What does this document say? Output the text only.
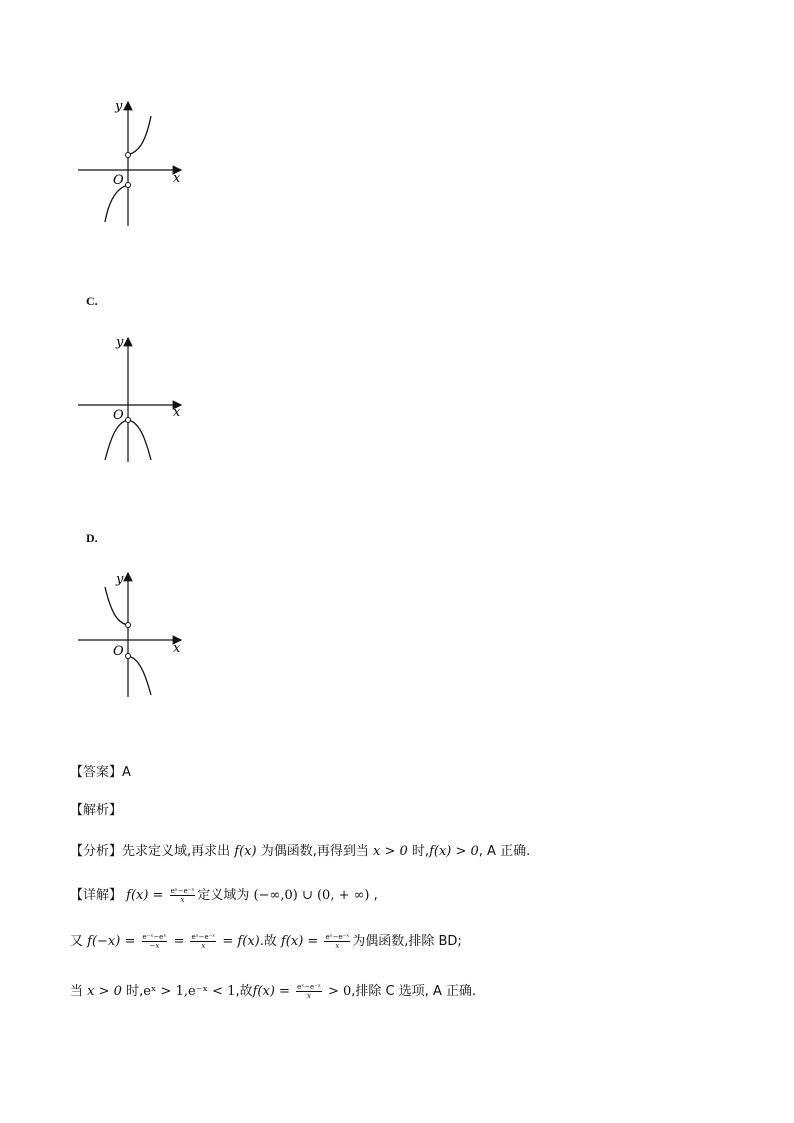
y
x
O
C.
y
x
O
D.
y
x
O
【答案】A
【解析】
【分析】先求定义域,再求出 f(x) 为偶函数,再得到当 x > 0 时,f(x) > 0, A 正确.
【详解】 $f(x) = \frac{\text{eˣ−e⁻ˣ}}{x}$ 定义域为 (−∞,0) ∪ (0, + ∞) ,
又 $f(-x) = \frac{\text{e⁻ˣ−eˣ}}{-x} = \frac{\text{eˣ−e⁻ˣ}}{x} = f(x)$.故 $f(x) = \frac{\text{eˣ−e⁻ˣ}}{x}$ 为偶函数,排除 BD;
当 x > 0 时,eˣ > 1,e⁻ˣ < 1,故$f(x) = \frac{\text{eˣ−e⁻ˣ}}{x} > 0$,排除 C 选项, A 正确.
